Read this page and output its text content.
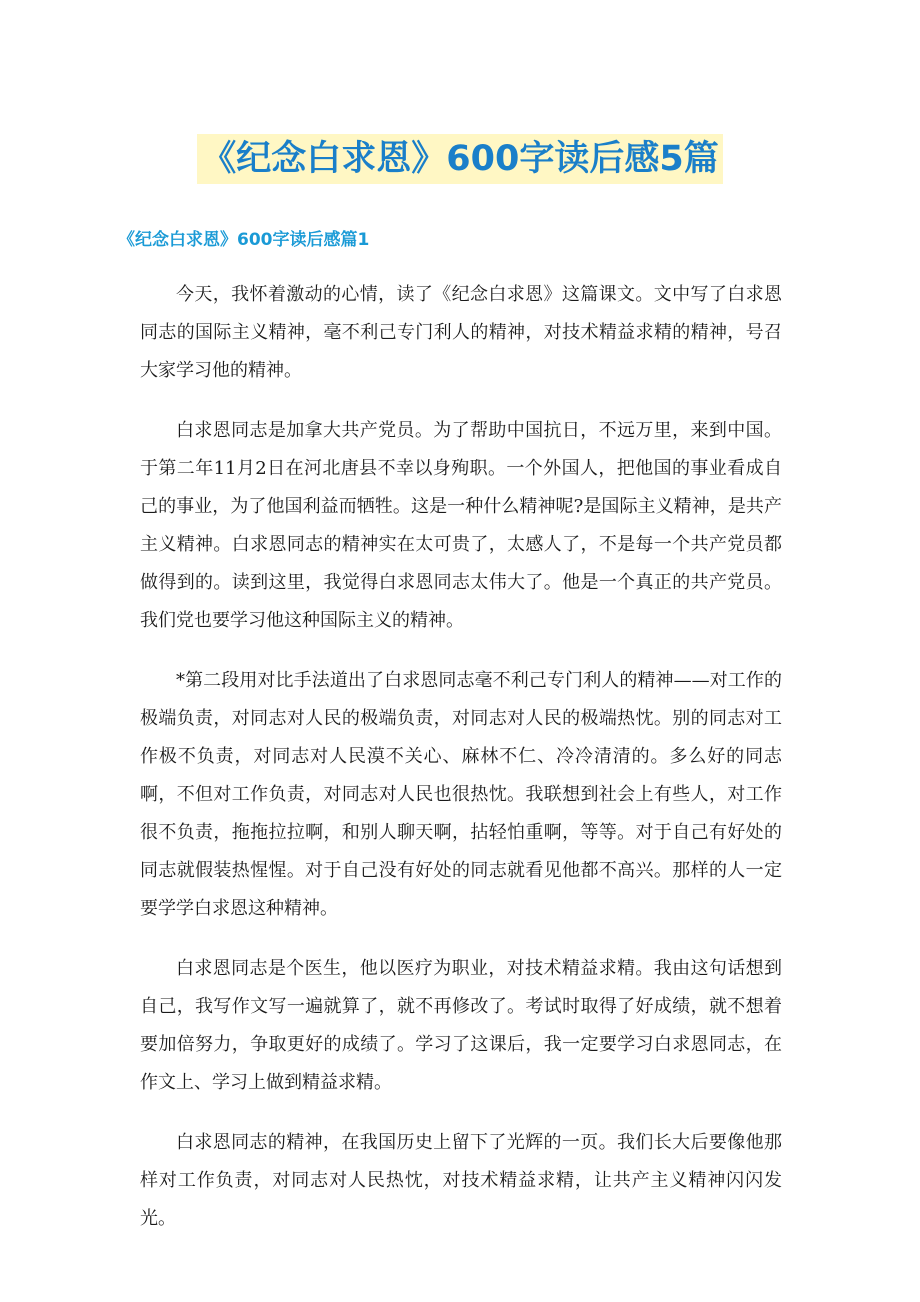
《纪念白求恩》600字读后感5篇
《纪念白求恩》600字读后感篇1

今天，我怀着激动的心情，读了《纪念白求恩》这篇课文。文中写了白求恩同志的国际主义精神，毫不利己专门利人的精神，对技术精益求精的精神，号召大家学习他的精神。

白求恩同志是加拿大共产党员。为了帮助中国抗日，不远万里，来到中国。于第二年11月2日在河北唐县不幸以身殉职。一个外国人，把他国的事业看成自己的事业，为了他国利益而牺牲。这是一种什么精神呢?是国际主义精神，是共产主义精神。白求恩同志的精神实在太可贵了，太感人了，不是每一个共产党员都做得到的。读到这里，我觉得白求恩同志太伟大了。他是一个真正的共产党员。我们党也要学习他这种国际主义的精神。

*第二段用对比手法道出了白求恩同志毫不利己专门利人的精神——对工作的极端负责，对同志对人民的极端负责，对同志对人民的极端热忱。别的同志对工作极不负责，对同志对人民漠不关心、麻林不仁、冷冷清清的。多么好的同志啊，不但对工作负责，对同志对人民也很热忱。我联想到社会上有些人，对工作很不负责，拖拖拉拉啊，和别人聊天啊，拈轻怕重啊，等等。对于自己有好处的同志就假装热惺惺。对于自己没有好处的同志就看见他都不高兴。那样的人一定要学学白求恩这种精神。

白求恩同志是个医生，他以医疗为职业，对技术精益求精。我由这句话想到自己，我写作文写一遍就算了，就不再修改了。考试时取得了好成绩，就不想着要加倍努力，争取更好的成绩了。学习了这课后，我一定要学习白求恩同志，在作文上、学习上做到精益求精。

白求恩同志的精神，在我国历史上留下了光辉的一页。我们长大后要像他那样对工作负责，对同志对人民热忱，对技术精益求精，让共产主义精神闪闪发光。
